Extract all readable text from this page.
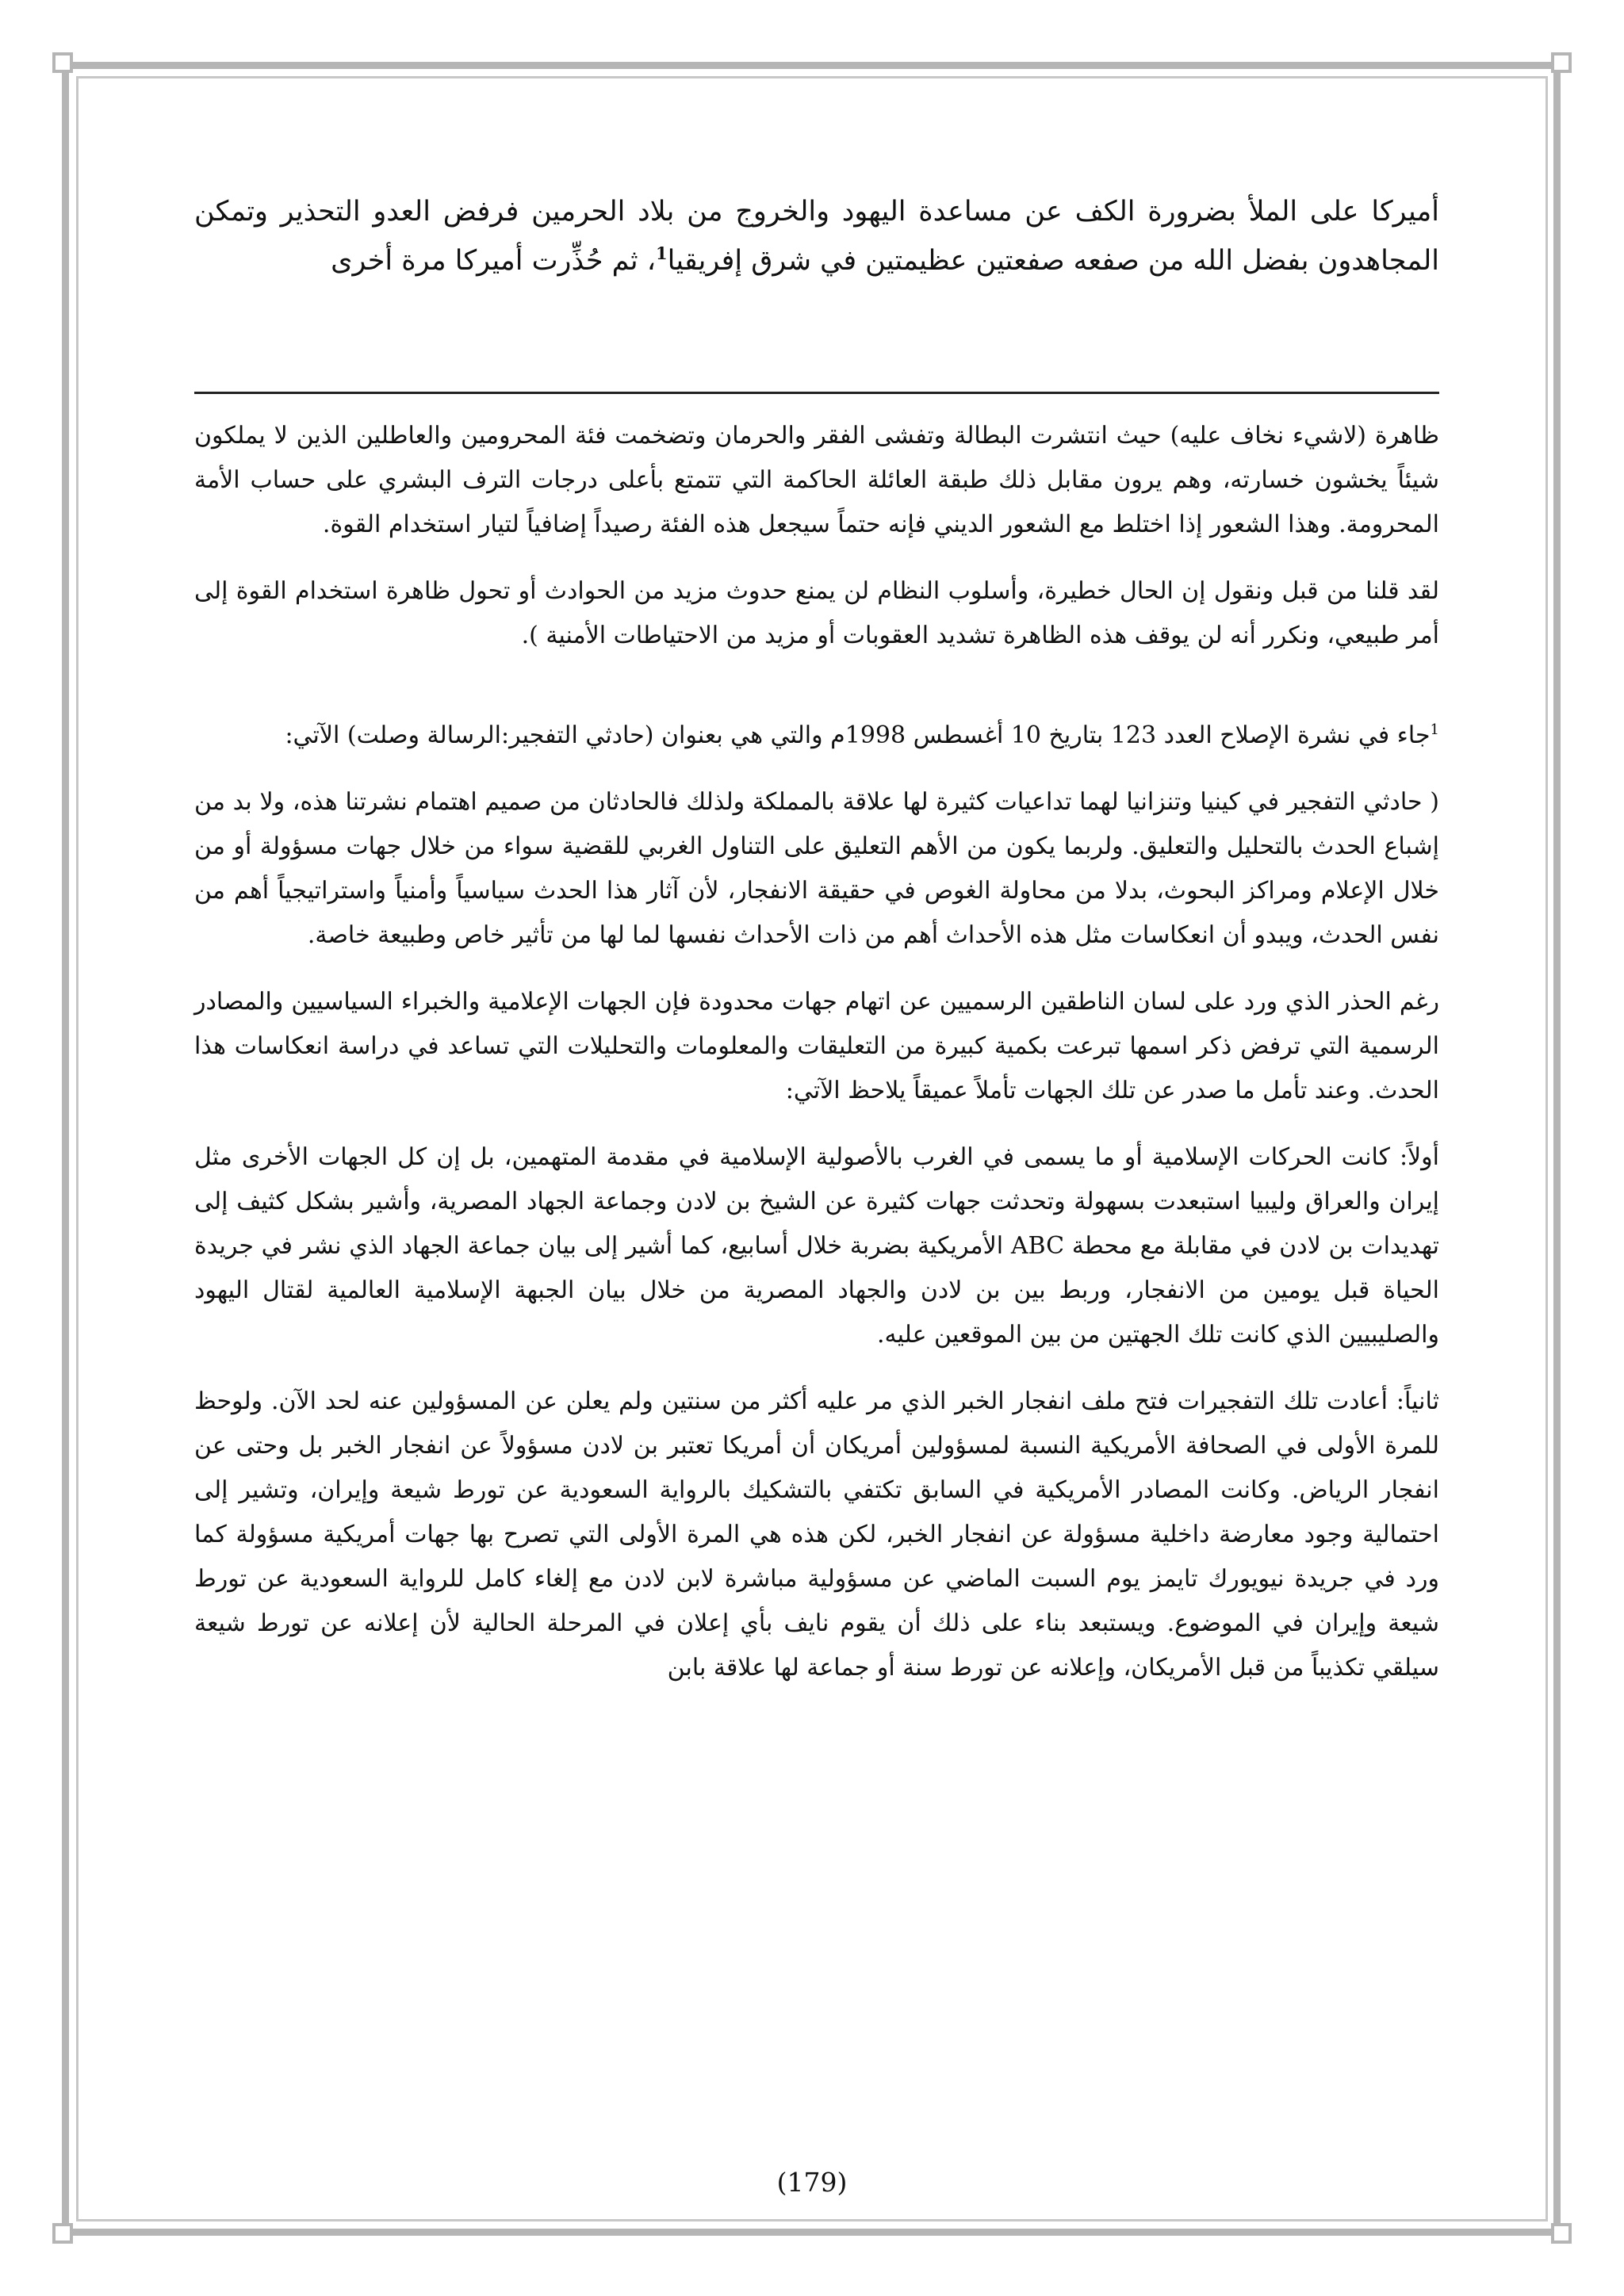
أميركا على الملأ بضرورة الكف عن مساعدة اليهود والخروج من بلاد الحرمين فرفض العدو التحذير وتمكن المجاهدون بفضل الله من صفعه صفعتين عظيمتين في شرق إفريقيا$^1$، ثم حُذِّرت أميركا مرة أخرى

ظاهرة (لاشيء نخاف عليه) حيث انتشرت البطالة وتفشى الفقر والحرمان وتضخمت فئة المحرومين والعاطلين الذين لا يملكون شيئاً يخشون خسارته، وهم يرون مقابل ذلك طبقة العائلة الحاكمة التي تتمتع بأعلى درجات الترف البشري على حساب الأمة المحرومة. وهذا الشعور إذا اختلط مع الشعور الديني فإنه حتماً سيجعل هذه الفئة رصيداً إضافياً لتيار استخدام القوة.

لقد قلنا من قبل ونقول إن الحال خطيرة، وأسلوب النظام لن يمنع حدوث مزيد من الحوادث أو تحول ظاهرة استخدام القوة إلى أمر طبيعي، ونكرر أنه لن يوقف هذه الظاهرة تشديد العقوبات أو مزيد من الاحتياطات الأمنية ).

$^1$جاء في نشرة الإصلاح العدد 123 بتاريخ 10 أغسطس 1998م والتي هي بعنوان (حادثي التفجير:الرسالة وصلت) الآتي:

( حادثي التفجير في كينيا وتنزانيا لهما تداعيات كثيرة لها علاقة بالمملكة ولذلك فالحادثان من صميم اهتمام نشرتنا هذه، ولا بد من إشباع الحدث بالتحليل والتعليق. ولربما يكون من الأهم التعليق على التناول الغربي للقضية سواء من خلال جهات مسؤولة أو من خلال الإعلام ومراكز البحوث، بدلا من محاولة الغوص في حقيقة الانفجار، لأن آثار هذا الحدث سياسياً وأمنياً واستراتيجياً أهم من نفس الحدث، ويبدو أن انعكاسات مثل هذه الأحداث أهم من ذات الأحداث نفسها لما لها من تأثير خاص وطبيعة خاصة.

رغم الحذر الذي ورد على لسان الناطقين الرسميين عن اتهام جهات محدودة فإن الجهات الإعلامية والخبراء السياسيين والمصادر الرسمية التي ترفض ذكر اسمها تبرعت بكمية كبيرة من التعليقات والمعلومات والتحليلات التي تساعد في دراسة انعكاسات هذا الحدث. وعند تأمل ما صدر عن تلك الجهات تأملاً عميقاً يلاحظ الآتي:

أولاً: كانت الحركات الإسلامية أو ما يسمى في الغرب بالأصولية الإسلامية في مقدمة المتهمين، بل إن كل الجهات الأخرى مثل إيران والعراق وليبيا استبعدت بسهولة وتحدثت جهات كثيرة عن الشيخ بن لادن وجماعة الجهاد المصرية، وأشير بشكل كثيف إلى تهديدات بن لادن في مقابلة مع محطة ABC الأمريكية بضربة خلال أسابيع، كما أشير إلى بيان جماعة الجهاد الذي نشر في جريدة الحياة قبل يومين من الانفجار، وربط بين بن لادن والجهاد المصرية من خلال بيان الجبهة الإسلامية العالمية لقتال اليهود والصليبيين الذي كانت تلك الجهتين من بين الموقعين عليه.

ثانياً: أعادت تلك التفجيرات فتح ملف انفجار الخبر الذي مر عليه أكثر من سنتين ولم يعلن عن المسؤولين عنه لحد الآن. ولوحظ للمرة الأولى في الصحافة الأمريكية النسبة لمسؤولين أمريكان أن أمريكا تعتبر بن لادن مسؤولاً عن انفجار الخبر بل وحتى عن انفجار الرياض. وكانت المصادر الأمريكية في السابق تكتفي بالتشكيك بالرواية السعودية عن تورط شيعة وإيران، وتشير إلى احتمالية وجود معارضة داخلية مسؤولة عن انفجار الخبر، لكن هذه هي المرة الأولى التي تصرح بها جهات أمريكية مسؤولة كما ورد في جريدة نيويورك تايمز يوم السبت الماضي عن مسؤولية مباشرة لابن لادن مع إلغاء كامل للرواية السعودية عن تورط شيعة وإيران في الموضوع. ويستبعد بناء على ذلك أن يقوم نايف بأي إعلان في المرحلة الحالية لأن إعلانه عن تورط شيعة سيلقي تكذيباً من قبل الأمريكان، وإعلانه عن تورط سنة أو جماعة لها علاقة بابن

(179)
